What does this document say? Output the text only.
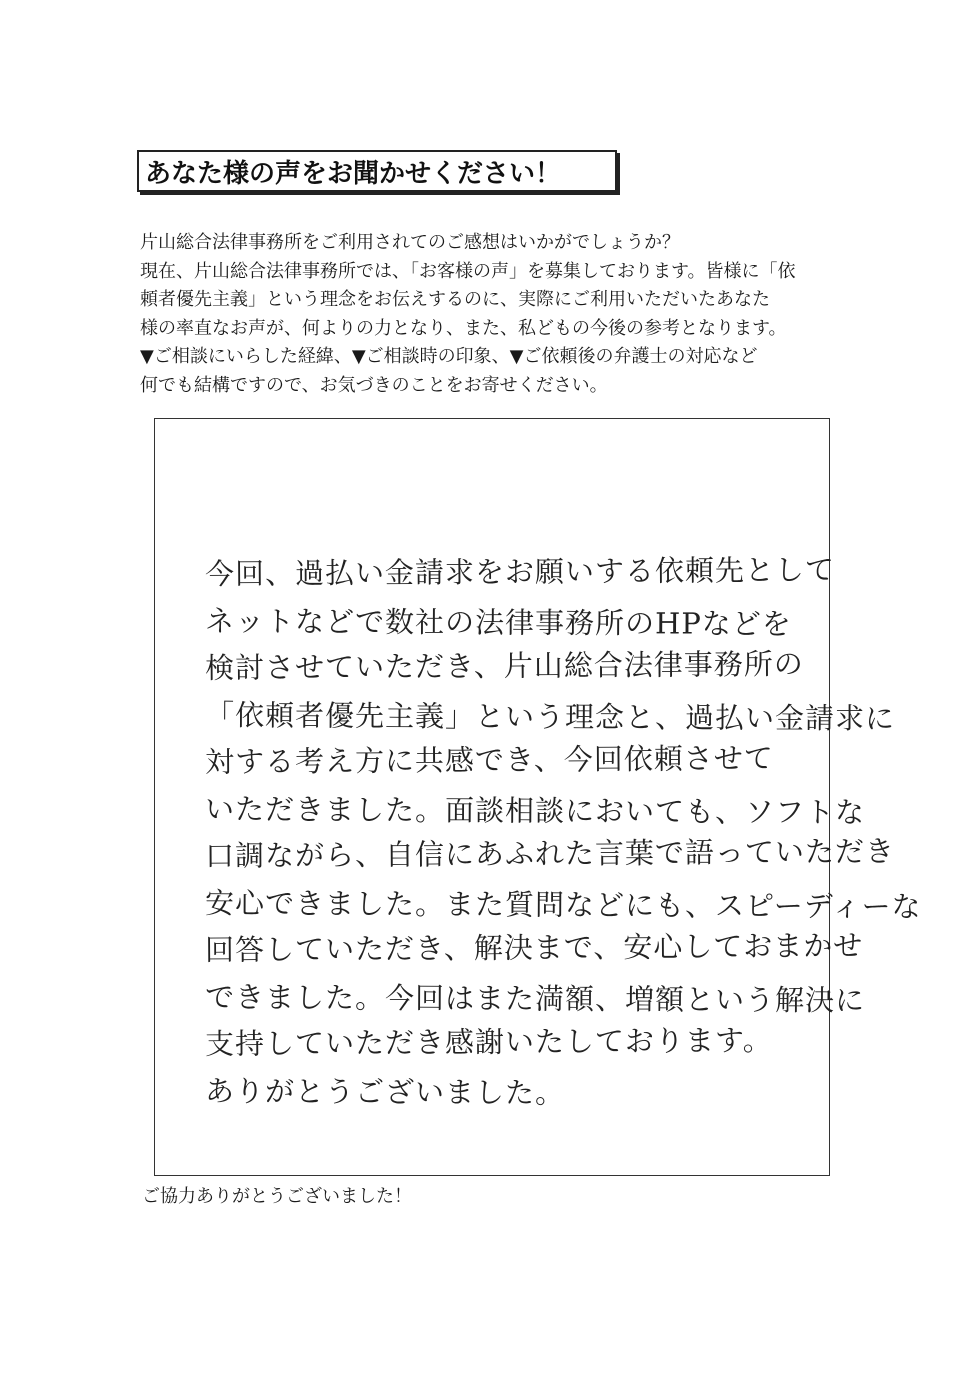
あなた様の声をお聞かせください！
片山総合法律事務所をご利用されてのご感想はいかがでしょうか？
現在、片山総合法律事務所では、「お客様の声」を募集しております。皆様に「依
頼者優先主義」という理念をお伝えするのに、実際にご利用いただいたあなた
様の率直なお声が、何よりの力となり、また、私どもの今後の参考となります。
▼ご相談にいらした経緯、▼ご相談時の印象、▼ご依頼後の弁護士の対応など
何でも結構ですので、お気づきのことをお寄せください。
今回、過払い金請求をお願いする依頼先として
ネットなどで数社の法律事務所のHPなどを
検討させていただき、片山総合法律事務所の
「依頼者優先主義」という理念と、過払い金請求に
対する考え方に共感でき、今回依頼させて
いただきました。面談相談においても、ソフトな
口調ながら、自信にあふれた言葉で語っていただき
安心できました。また質問などにも、スピーディーな
回答していただき、解決まで、安心しておまかせ
できました。今回はまた満額、増額という解決に
支持していただき感謝いたしております。
ありがとうございました。
ご協力ありがとうございました！
